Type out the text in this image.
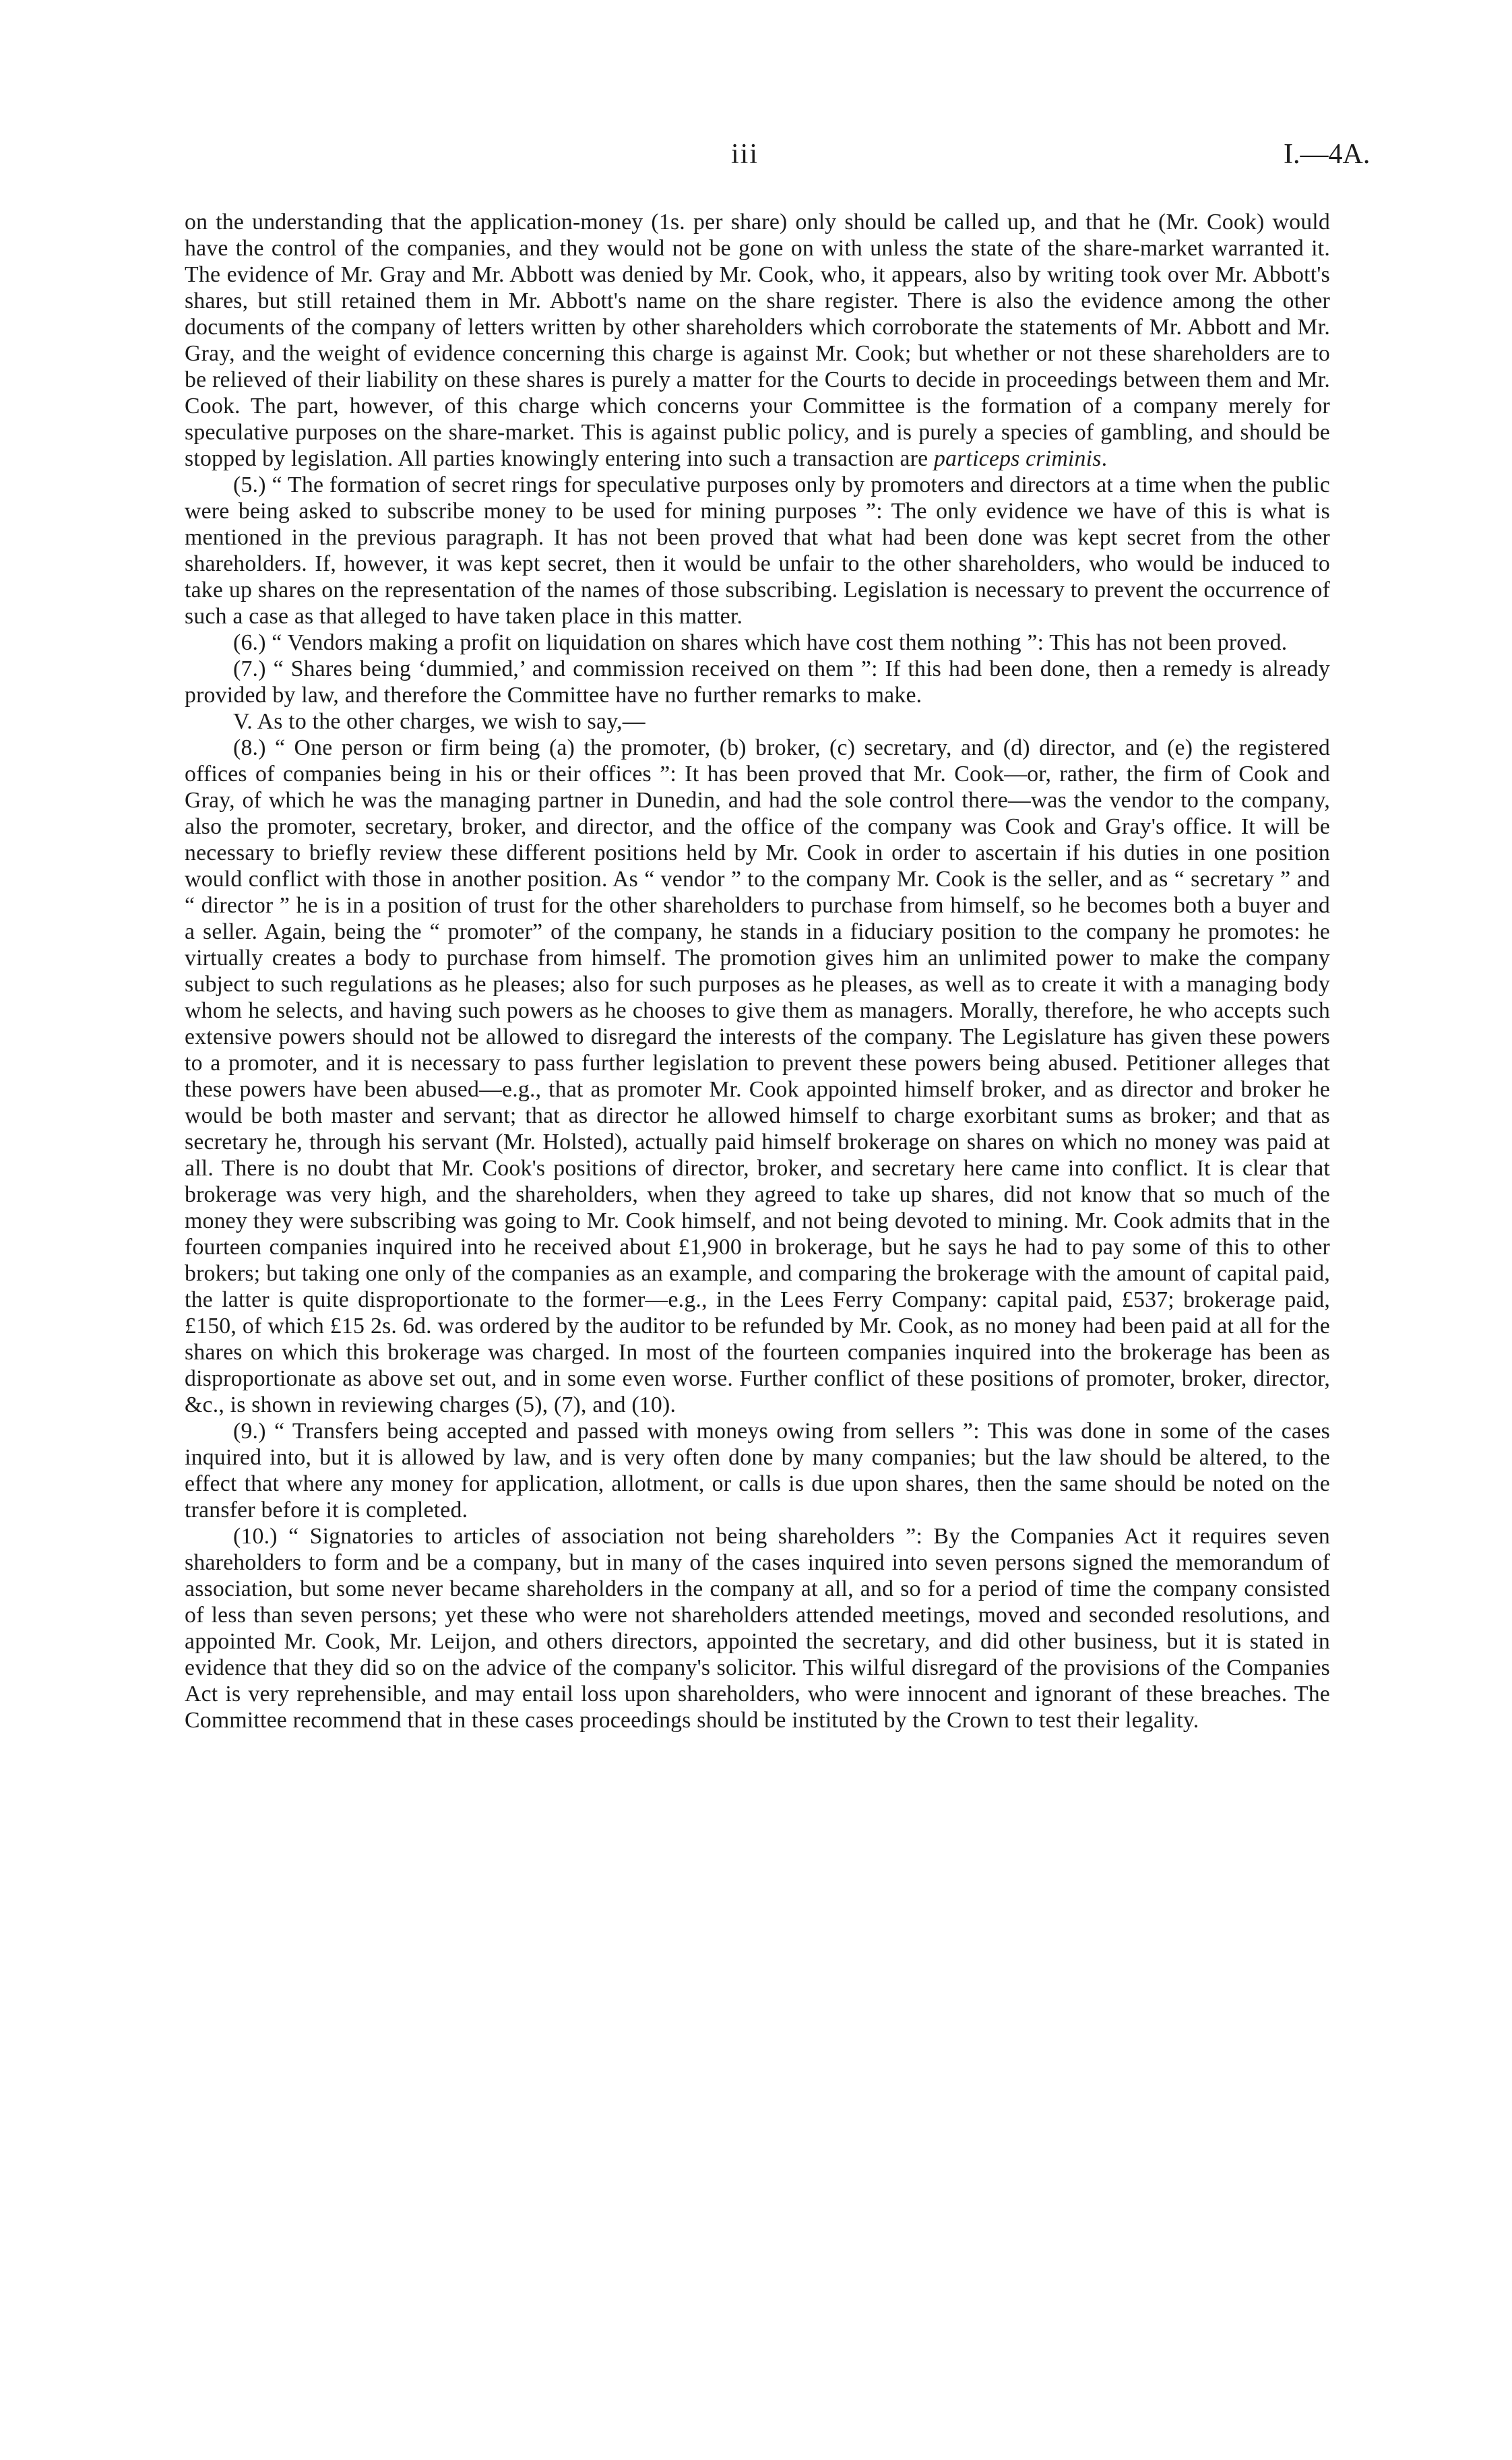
iii	I.—4A.

on the understanding that the application-money (1s. per share) only should be called up, and that he (Mr. Cook) would have the control of the companies, and they would not be gone on with unless the state of the share-market warranted it. The evidence of Mr. Gray and Mr. Abbott was denied by Mr. Cook, who, it appears, also by writing took over Mr. Abbott's shares, but still retained them in Mr. Abbott's name on the share register. There is also the evidence among the other documents of the company of letters written by other shareholders which corroborate the statements of Mr. Abbott and Mr. Gray, and the weight of evidence concerning this charge is against Mr. Cook; but whether or not these shareholders are to be relieved of their liability on these shares is purely a matter for the Courts to decide in proceedings between them and Mr. Cook. The part, however, of this charge which concerns your Committee is the formation of a company merely for speculative purposes on the share-market. This is against public policy, and is purely a species of gambling, and should be stopped by legislation. All parties knowingly entering into such a transaction are particeps criminis.

(5.) “ The formation of secret rings for speculative purposes only by promoters and directors at a time when the public were being asked to subscribe money to be used for mining purposes ”: The only evidence we have of this is what is mentioned in the previous paragraph. It has not been proved that what had been done was kept secret from the other shareholders. If, however, it was kept secret, then it would be unfair to the other shareholders, who would be induced to take up shares on the representation of the names of those subscribing. Legislation is necessary to prevent the occurrence of such a case as that alleged to have taken place in this matter.

(6.) “ Vendors making a profit on liquidation on shares which have cost them nothing ”: This has not been proved.

(7.) “ Shares being ‘dummied,’ and commission received on them ”: If this had been done, then a remedy is already provided by law, and therefore the Committee have no further remarks to make.

V. As to the other charges, we wish to say,—

(8.) “ One person or firm being (a) the promoter, (b) broker, (c) secretary, and (d) director, and (e) the registered offices of companies being in his or their offices ”: It has been proved that Mr. Cook—or, rather, the firm of Cook and Gray, of which he was the managing partner in Dunedin, and had the sole control there—was the vendor to the company, also the promoter, secretary, broker, and director, and the office of the company was Cook and Gray's office. It will be necessary to briefly review these different positions held by Mr. Cook in order to ascertain if his duties in one position would conflict with those in another position. As “ vendor ” to the company Mr. Cook is the seller, and as “ secretary ” and “ director ” he is in a position of trust for the other shareholders to purchase from himself, so he becomes both a buyer and a seller. Again, being the “ promoter” of the company, he stands in a fiduciary position to the company he promotes: he virtually creates a body to purchase from himself. The promotion gives him an unlimited power to make the company subject to such regulations as he pleases; also for such purposes as he pleases, as well as to create it with a managing body whom he selects, and having such powers as he chooses to give them as managers. Morally, therefore, he who accepts such extensive powers should not be allowed to disregard the interests of the company. The Legislature has given these powers to a promoter, and it is necessary to pass further legislation to prevent these powers being abused. Petitioner alleges that these powers have been abused—e.g., that as promoter Mr. Cook appointed himself broker, and as director and broker he would be both master and servant; that as director he allowed himself to charge exorbitant sums as broker; and that as secretary he, through his servant (Mr. Holsted), actually paid himself brokerage on shares on which no money was paid at all. There is no doubt that Mr. Cook's positions of director, broker, and secretary here came into conflict. It is clear that brokerage was very high, and the shareholders, when they agreed to take up shares, did not know that so much of the money they were subscribing was going to Mr. Cook himself, and not being devoted to mining. Mr. Cook admits that in the fourteen companies inquired into he received about £1,900 in brokerage, but he says he had to pay some of this to other brokers; but taking one only of the companies as an example, and comparing the brokerage with the amount of capital paid, the latter is quite disproportionate to the former—e.g., in the Lees Ferry Company: capital paid, £537; brokerage paid, £150, of which £15 2s. 6d. was ordered by the auditor to be refunded by Mr. Cook, as no money had been paid at all for the shares on which this brokerage was charged. In most of the fourteen companies inquired into the brokerage has been as disproportionate as above set out, and in some even worse. Further conflict of these positions of promoter, broker, director, &c., is shown in reviewing charges (5), (7), and (10).

(9.) “ Transfers being accepted and passed with moneys owing from sellers ”: This was done in some of the cases inquired into, but it is allowed by law, and is very often done by many companies; but the law should be altered, to the effect that where any money for application, allotment, or calls is due upon shares, then the same should be noted on the transfer before it is completed.

(10.) “ Signatories to articles of association not being shareholders ”: By the Companies Act it requires seven shareholders to form and be a company, but in many of the cases inquired into seven persons signed the memorandum of association, but some never became shareholders in the company at all, and so for a period of time the company consisted of less than seven persons; yet these who were not shareholders attended meetings, moved and seconded resolutions, and appointed Mr. Cook, Mr. Leijon, and others directors, appointed the secretary, and did other business, but it is stated in evidence that they did so on the advice of the company's solicitor. This wilful disregard of the provisions of the Companies Act is very reprehensible, and may entail loss upon shareholders, who were innocent and ignorant of these breaches. The Committee recommend that in these cases proceedings should be instituted by the Crown to test their legality.
